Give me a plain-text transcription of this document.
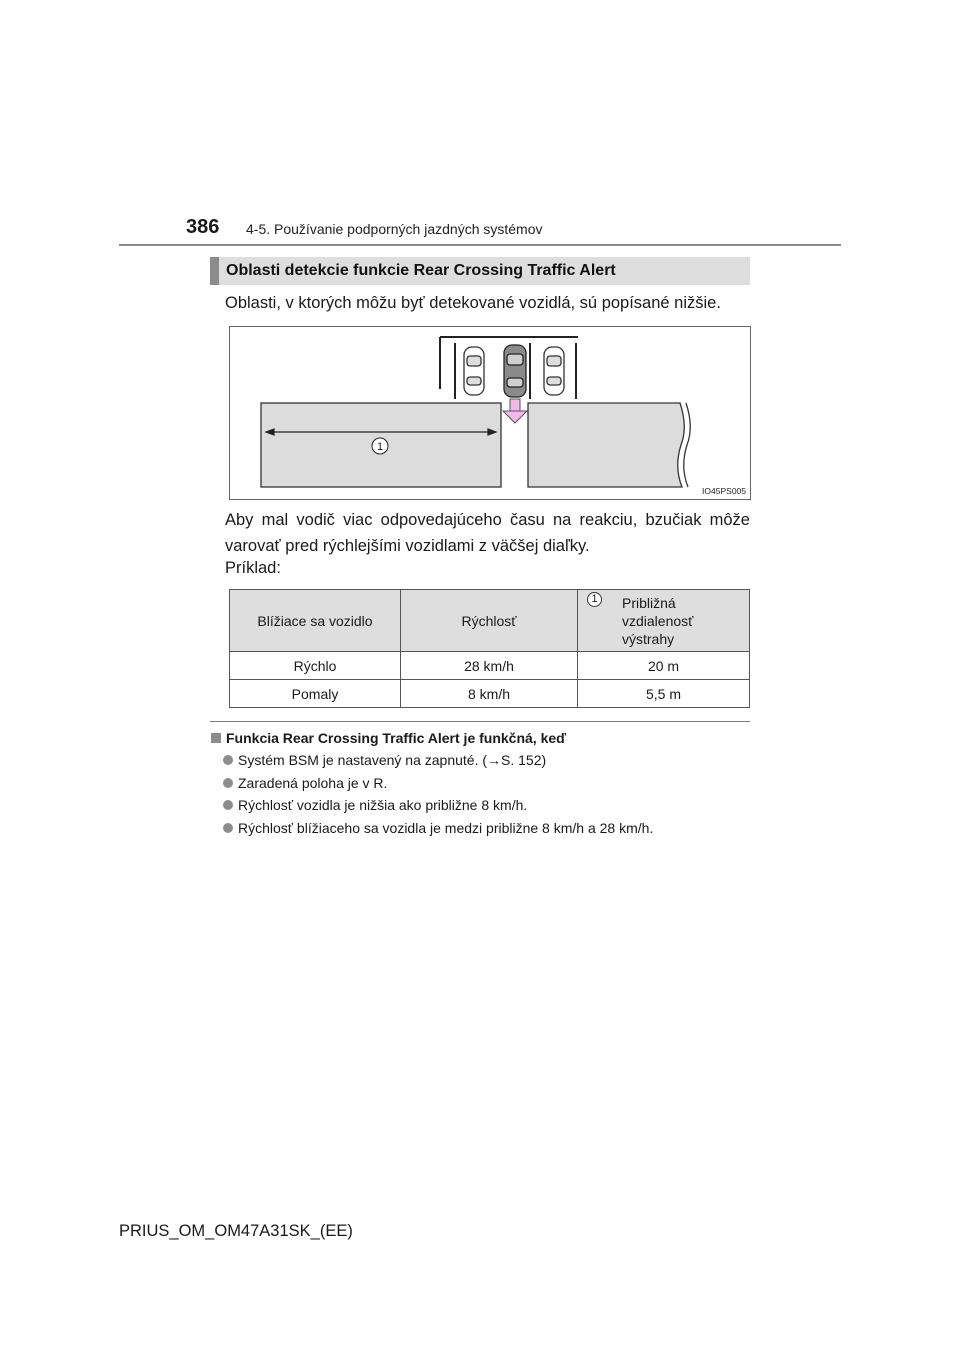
386 4-5. Používanie podporných jazdných systémov
Oblasti detekcie funkcie Rear Crossing Traffic Alert
Oblasti, v ktorých môžu byť detekované vozidlá, sú popísané nižšie.
1
IO45PS005
Aby mal vodič viac odpovedajúceho času na reakciu, bzučiak môže varovať pred rýchlejšími vozidlami z väčšej diaľky.
Príklad:
Blížiace sa vozidlo	Rýchlosť	1 Približná vzdialenosť výstrahy

Rýchlo	28 km/h	20 m
Pomaly	8 km/h	5,5 m
Funkcia Rear Crossing Traffic Alert je funkčná, keď
Systém BSM je nastavený na zapnuté. (→S. 152)
Zaradená poloha je v R.
Rýchlosť vozidla je nižšia ako približne 8 km/h.
Rýchlosť blížiaceho sa vozidla je medzi približne 8 km/h a 28 km/h.
PRIUS_OM_OM47A31SK_(EE)
